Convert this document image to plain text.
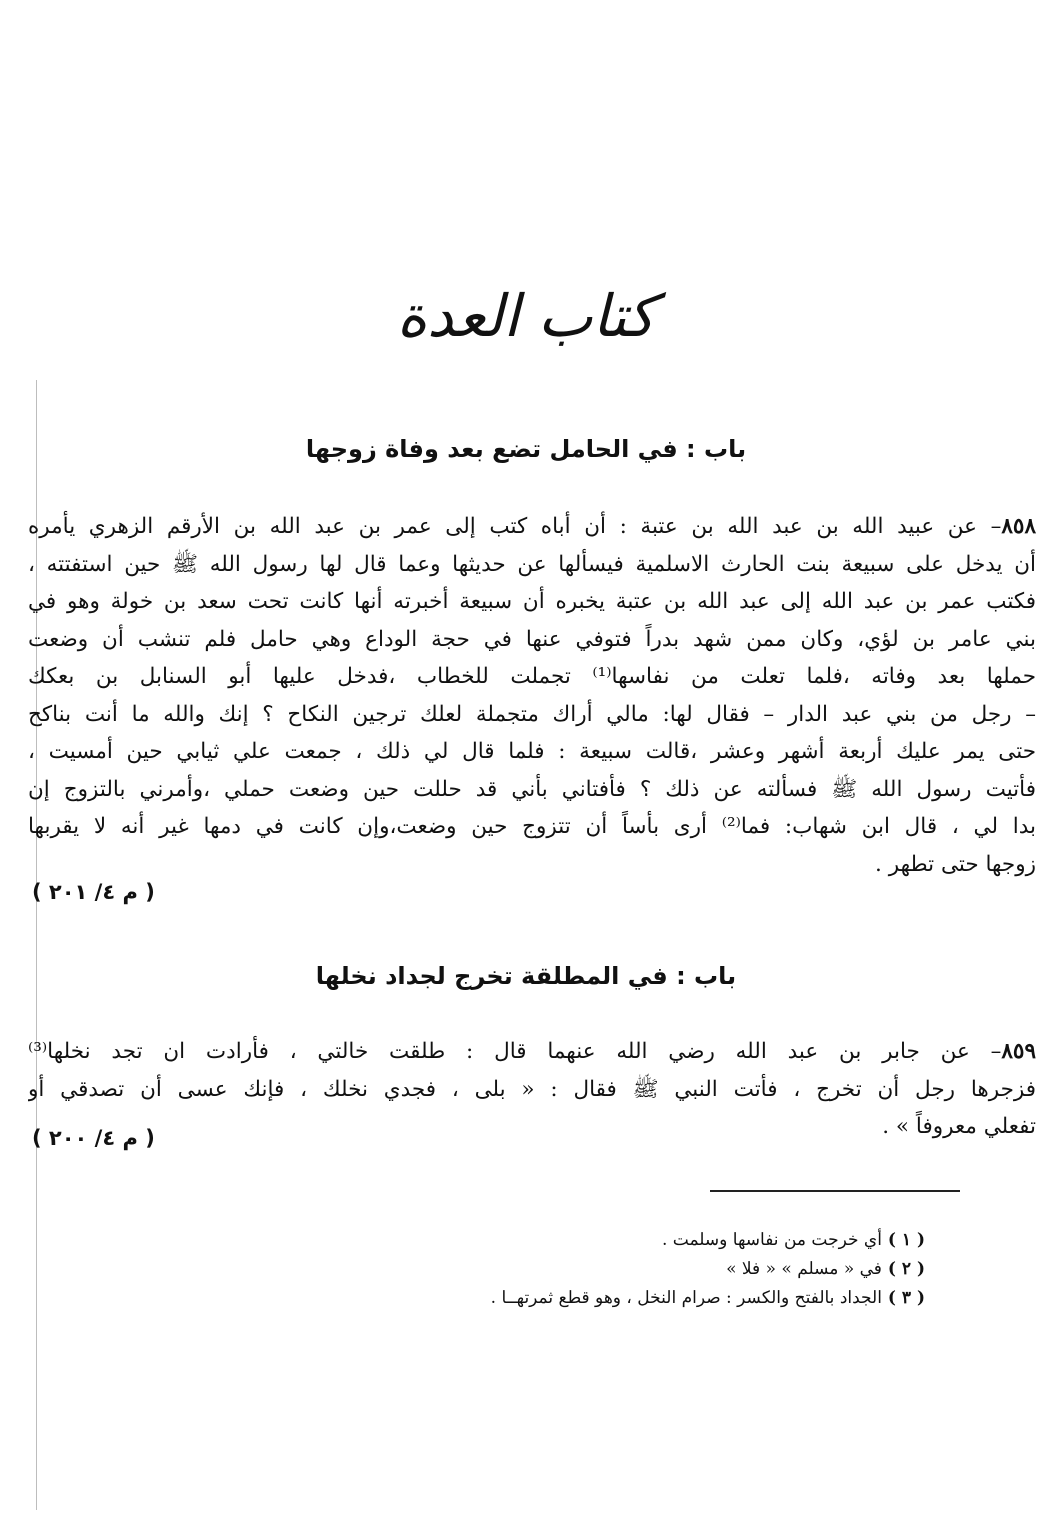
كتاب العدة
باب : في الحامل تضع بعد وفاة زوجها
٨٥٨– عن عبيد الله بن عبد الله بن عتبة : أن أباه كتب إلى عمر بن عبد الله بن الأرقم الزهري يأمره
أن يدخل على سبيعة بنت الحارث الاسلمية فيسألها عن حديثها وعما قال لها رسول الله ﷺ حين استفتته ،
فكتب عمر بن عبد الله إلى عبد الله بن عتبة يخبره أن سبيعة أخبرته أنها كانت تحت سعد بن خولة وهو في
بني عامر بن لؤي، وكان ممن شهد بدراً فتوفي عنها في حجة الوداع وهي حامل فلم تنشب أن وضعت
حملها بعد وفاته ،فلما تعلت من نفاسها⁽¹⁾ تجملت للخطاب ،فدخل عليها أبو السنابل بن بعكك
– رجل من بني عبد الدار – فقال لها: مالي أراك متجملة لعلك ترجين النكاح ؟ إنك والله ما أنت بناكح
حتى يمر عليك أربعة أشهر وعشر ،قالت سبيعة : فلما قال لي ذلك ، جمعت علي ثيابي حين أمسيت ،
فأتيت رسول الله ﷺ فسألته عن ذلك ؟ فأفتاني بأني قد حللت حين وضعت حملي ،وأمرني بالتزوج إن
بدا لي ، قال ابن شهاب: فما⁽²⁾ أرى بأساً أن تتزوج حين وضعت،وإن كانت في دمها غير أنه لا يقربها
زوجها حتى تطهر .
( م ٤/ ٢٠١ )
باب : في المطلقة تخرج لجداد نخلها
٨٥٩– عن جابر بن عبد الله رضي الله عنهما قال : طلقت خالتي ، فأرادت ان تجد نخلها⁽³⁾
فزجرها رجل أن تخرج ، فأتت النبي ﷺ فقال : « بلى ، فجدي نخلك ، فإنك عسى أن تصدقي أو
تفعلي معروفاً » .
( م ٤/ ٢٠٠ )
( ١ )أي خرجت من نفاسها وسلمت .
( ٢ )في « مسلم » « فلا »
( ٣ )الجداد بالفتح والكسر : صرام النخل ، وهو قطع ثمرتهــا .
